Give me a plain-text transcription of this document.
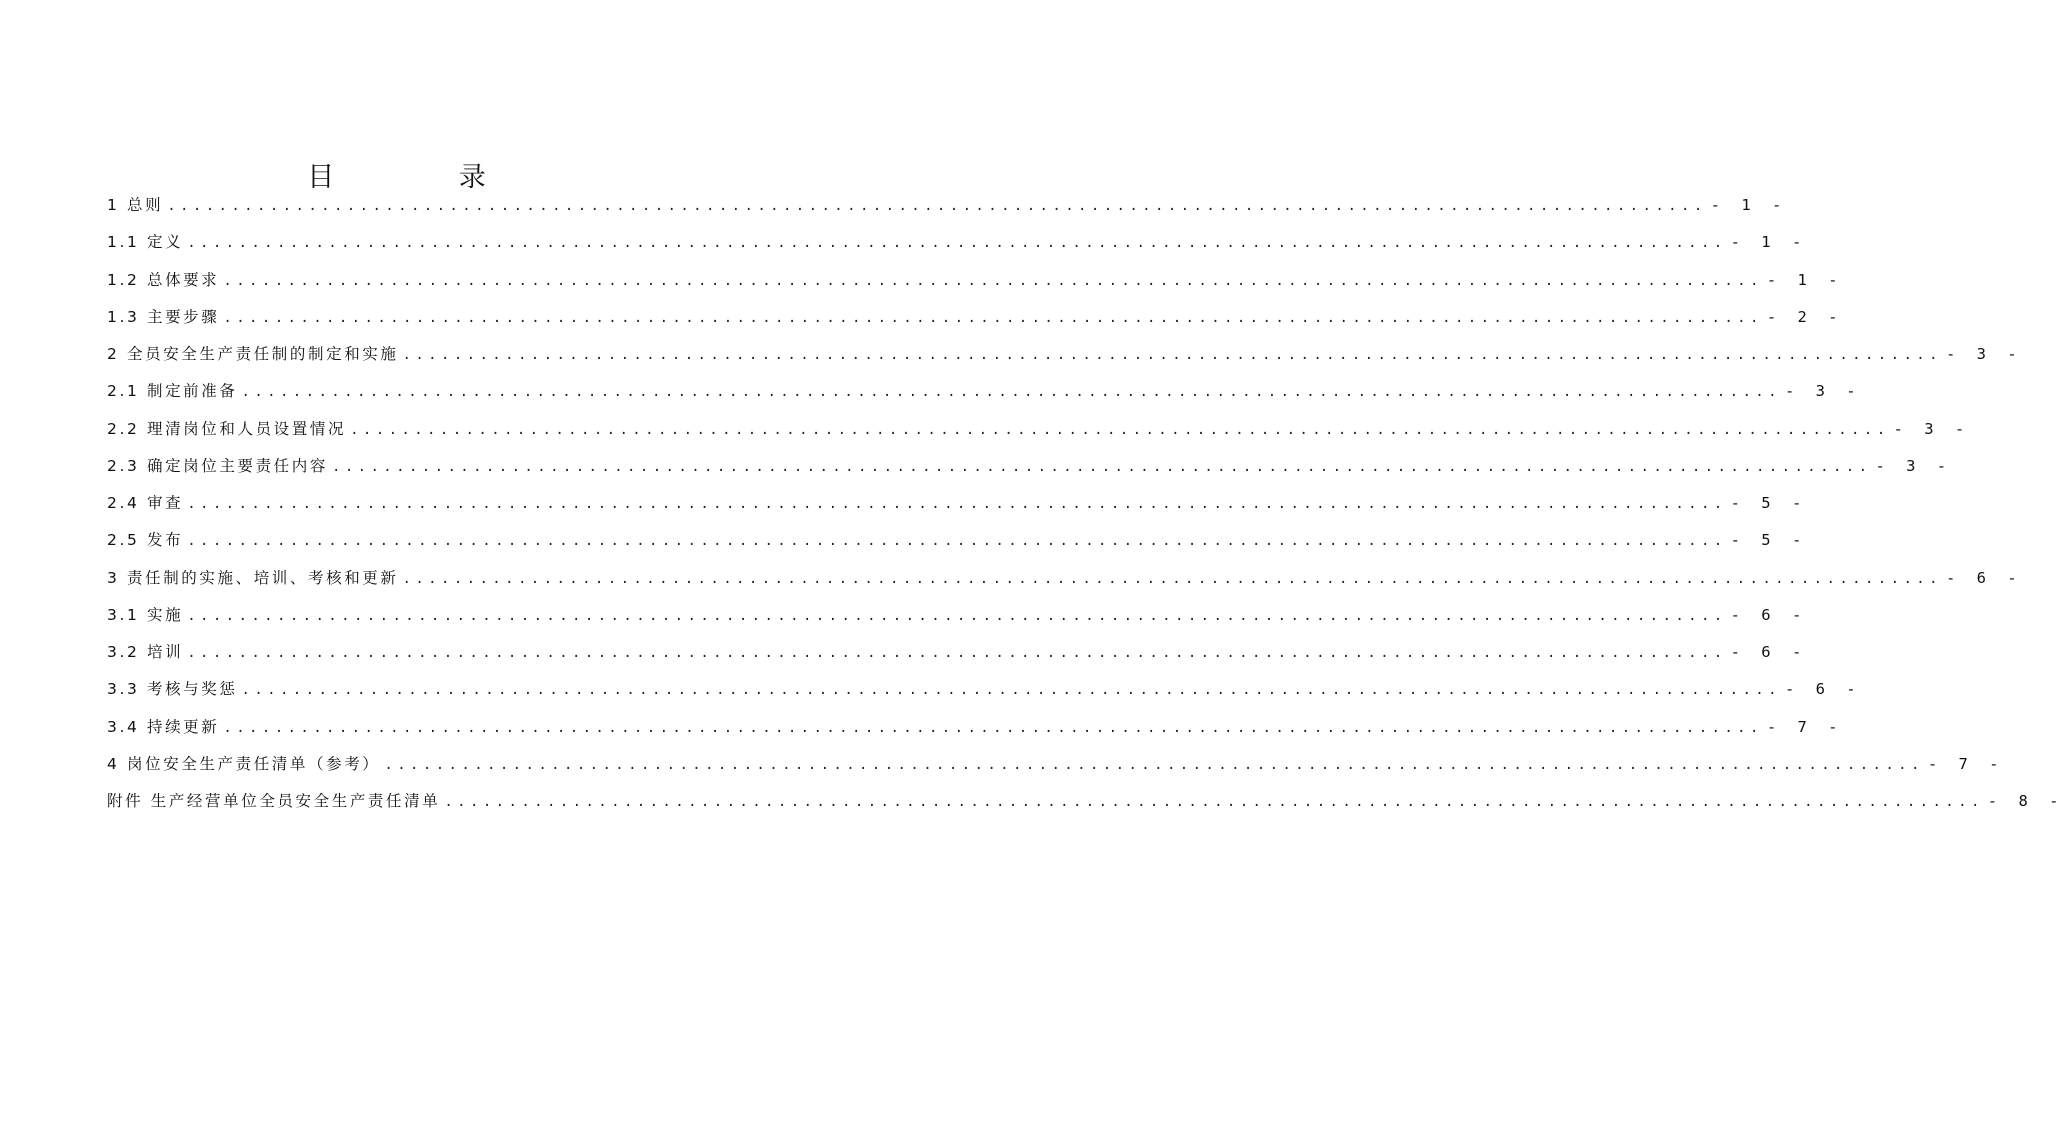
目 录
1 总则 ........................................................................................................................ - 1 -
1.1 定义 ........................................................................................................................ - 1 -
1.2 总体要求 ........................................................................................................................ - 1 -
1.3 主要步骤 ........................................................................................................................ - 2 -
2 全员安全生产责任制的制定和实施 ........................................................................................................................ - 3 -
2.1 制定前准备 ........................................................................................................................ - 3 -
2.2 理清岗位和人员设置情况 ........................................................................................................................ - 3 -
2.3 确定岗位主要责任内容 ........................................................................................................................ - 3 -
2.4 审查 ........................................................................................................................ - 5 -
2.5 发布 ........................................................................................................................ - 5 -
3 责任制的实施、培训、考核和更新 ........................................................................................................................ - 6 -
3.1 实施 ........................................................................................................................ - 6 -
3.2 培训 ........................................................................................................................ - 6 -
3.3 考核与奖惩 ........................................................................................................................ - 6 -
3.4 持续更新 ........................................................................................................................ - 7 -
4 岗位安全生产责任清单（参考） ........................................................................................................................ - 7 -
附件 生产经营单位全员安全生产责任清单 ........................................................................................................................ - 8 -
